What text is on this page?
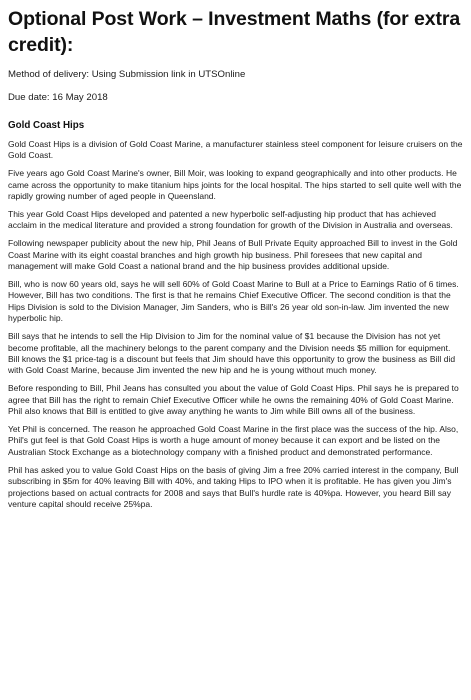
Optional Post Work – Investment Maths (for extra credit):

Method of delivery: Using Submission link in UTSOnline

Due date: 16 May 2018

Gold Coast Hips

Gold Coast Hips is a division of Gold Coast Marine, a manufacturer stainless steel component for leisure cruisers on the Gold Coast.

Five years ago Gold Coast Marine's owner, Bill Moir, was looking to expand geographically and into other products. He came across the opportunity to make titanium hips joints for the local hospital. The hips started to sell quite well with the rapidly growing number of aged people in Queensland.

This year Gold Coast Hips developed and patented a new hyperbolic self-adjusting hip product that has achieved acclaim in the medical literature and provided a strong foundation for growth of the Division in Australia and overseas.

Following newspaper publicity about the new hip, Phil Jeans of Bull Private Equity approached Bill to invest in the Gold Coast Marine with its eight coastal branches and high growth hip business. Phil foresees that new capital and management will make Gold Coast a national brand and the hip business provides additional upside.

Bill, who is now 60 years old, says he will sell 60% of Gold Coast Marine to Bull at a Price to Earnings Ratio of 6 times. However, Bill has two conditions. The first is that he remains Chief Executive Officer. The second condition is that the Hips Division is sold to the Division Manager, Jim Sanders, who is Bill's 26 year old son-in-law. Jim invented the new hyperbolic hip.

Bill says that he intends to sell the Hip Division to Jim for the nominal value of $1 because the Division has not yet become profitable, all the machinery belongs to the parent company and the Division needs $5 million for equipment. Bill knows the $1 price-tag is a discount but feels that Jim should have this opportunity to grow the business as Bill did with Gold Coast Marine, because Jim invented the new hip and he is young without much money.

Before responding to Bill, Phil Jeans has consulted you about the value of Gold Coast Hips. Phil says he is prepared to agree that Bill has the right to remain Chief Executive Officer while he owns the remaining 40% of Gold Coast Marine. Phil also knows that Bill is entitled to give away anything he wants to Jim while Bill owns all of the business.

Yet Phil is concerned. The reason he approached Gold Coast Marine in the first place was the success of the hip. Also, Phil's gut feel is that Gold Coast Hips is worth a huge amount of money because it can export and be listed on the Australian Stock Exchange as a biotechnology company with a finished product and demonstrated performance.

Phil has asked you to value Gold Coast Hips on the basis of giving Jim a free 20% carried interest in the company, Bull subscribing in $5m for 40% leaving Bill with 40%, and taking Hips to IPO when it is profitable. He has given you Jim's projections based on actual contracts for 2008 and says that Bull's hurdle rate is 40%pa. However, you heard Bill say venture capital should receive 25%pa.
